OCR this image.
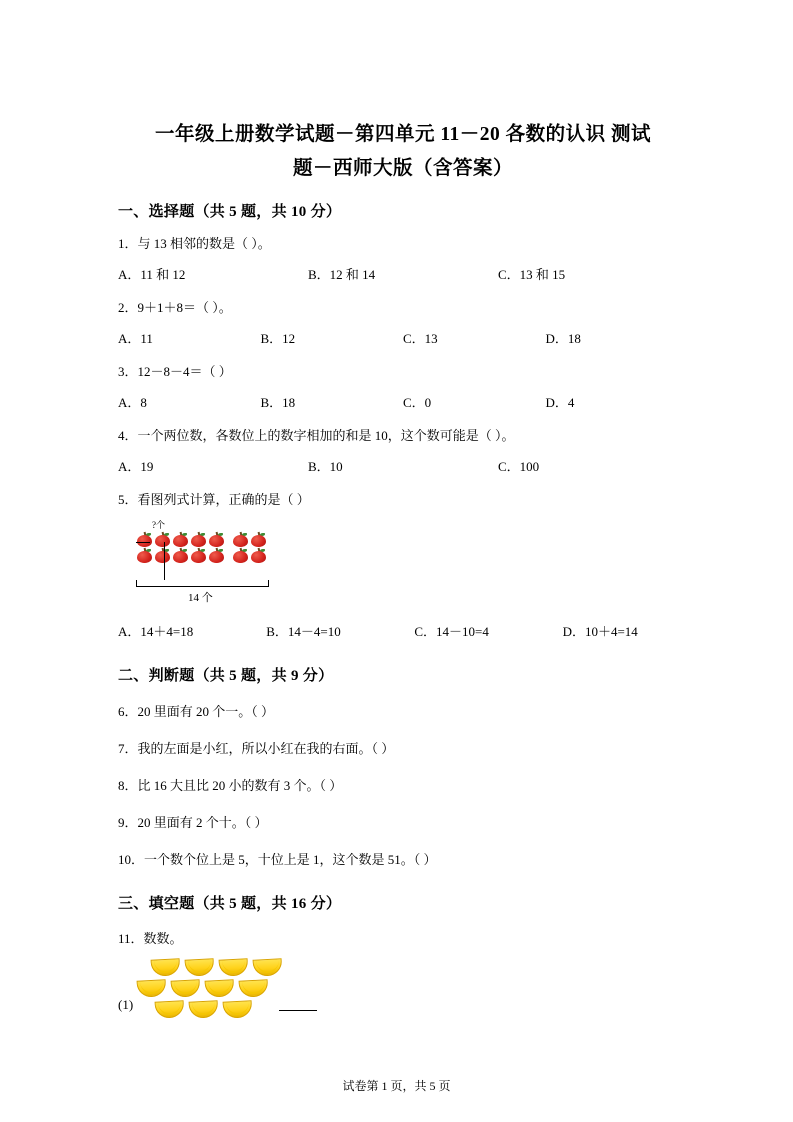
一年级上册数学试题－第四单元 11－20 各数的认识 测试
题－西师大版（含答案）
一、选择题（共 5 题，共 10 分）
1．与 13 相邻的数是（ ）。
A．11 和 12	B．12 和 14	C．13 和 15
2．9＋1＋8＝（ ）。
A．11	B．12	C．13	D．18
3．12－8－4＝（ ）
A．8	B．18	C．0	D．4
4．一个两位数，各数位上的数字相加的和是 10，这个数可能是（ ）。
A．19	B．10	C．100
5．看图列式计算，正确的是（ ）
?个
14 个
A．14＋4=18	B．14－4=10	C．14－10=4	D．10＋4=14
二、判断题（共 5 题，共 9 分）
6．20 里面有 20 个一。（ ）
7．我的左面是小红，所以小红在我的右面。（ ）
8．比 16 大且比 20 小的数有 3 个。（ ）
9．20 里面有 2 个十。（ ）
10．一个数个位上是 5，十位上是 1，这个数是 51。（ ）
三、填空题（共 5 题，共 16 分）
11．数数。
(1)
试卷第 1 页，共 5 页
